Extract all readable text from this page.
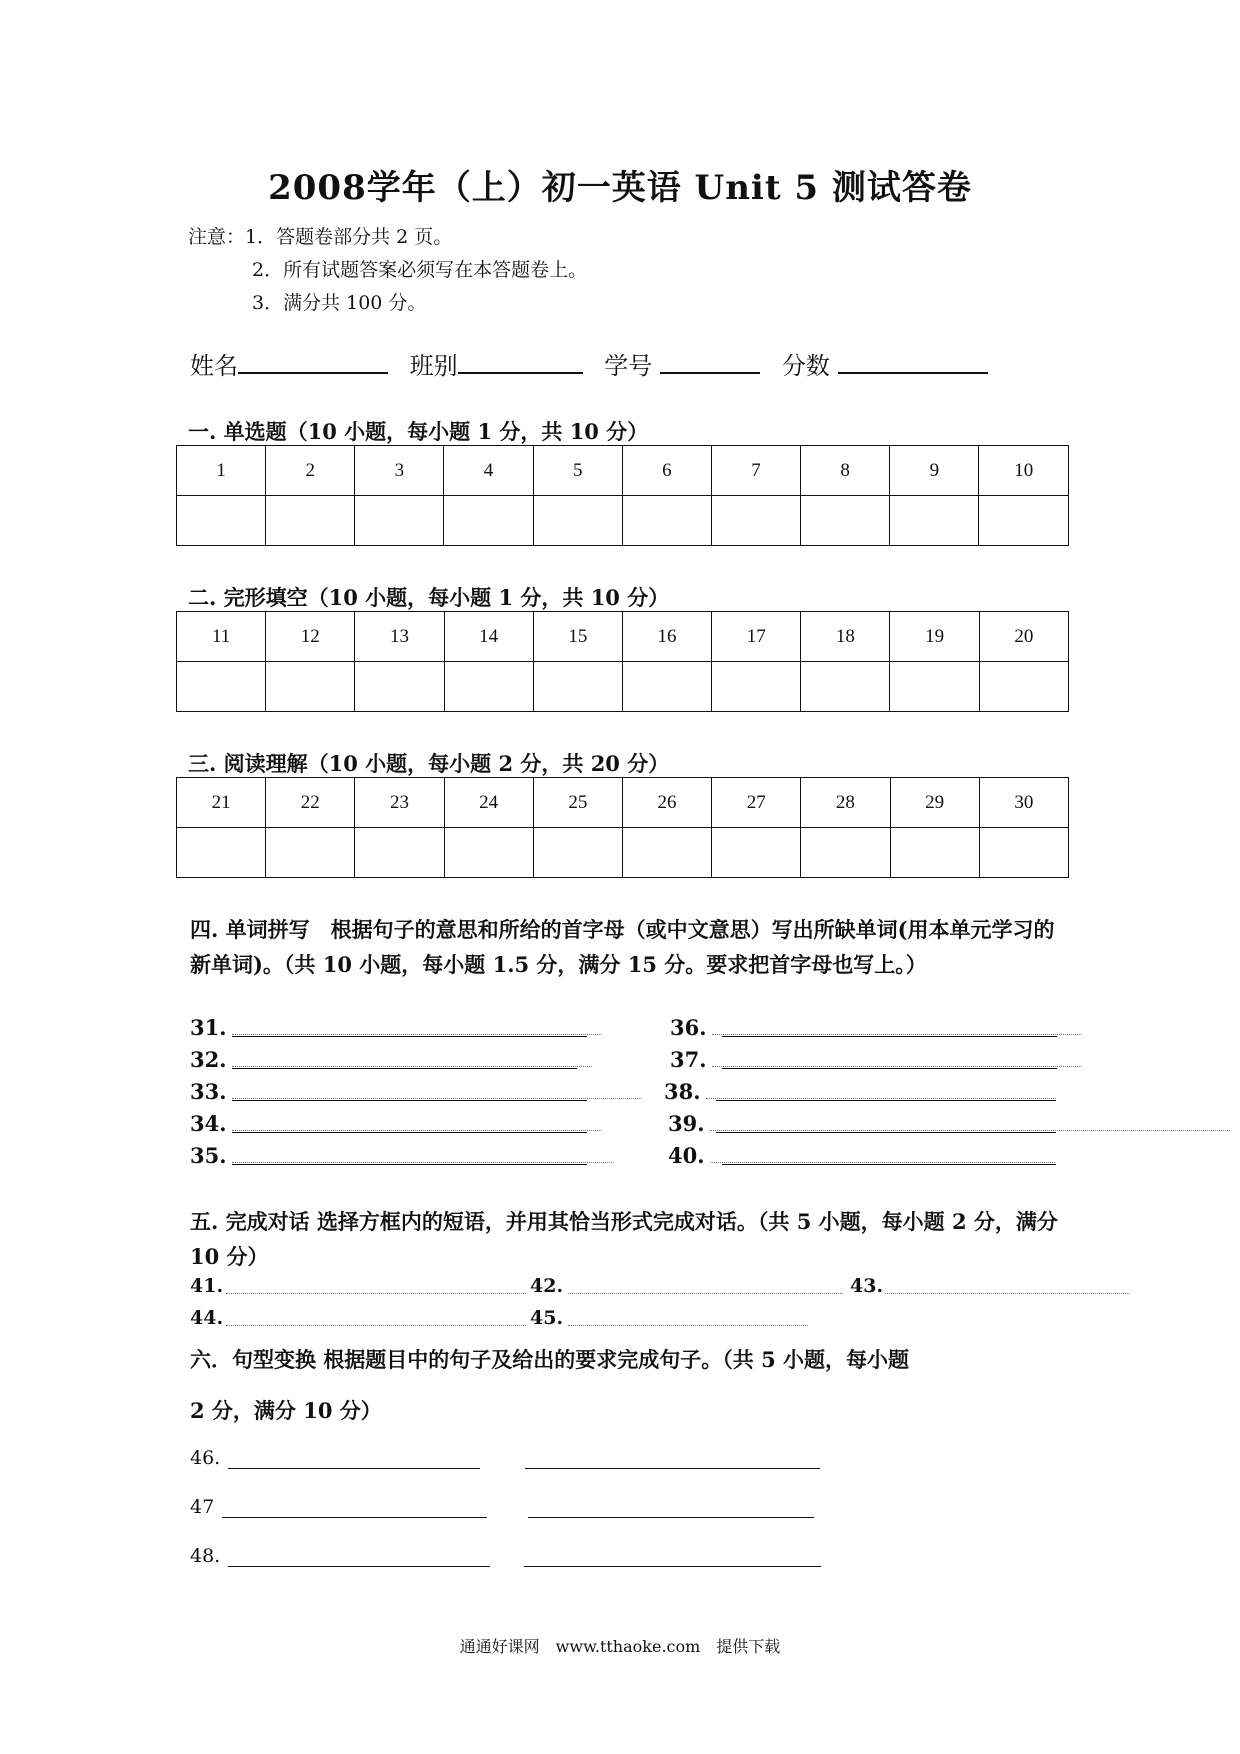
2008学年（上）初一英语 Unit 5 测试答卷
注意：1．答题卷部分共 2 页。
2．所有试题答案必须写在本答题卷上。
3．满分共 100 分。
姓名	班别	学号	分数
一. 单选题（10 小题，每小题 1 分，共 10 分）
1	2	3	4	5	6	7	8	9	10

二. 完形填空（10 小题，每小题 1 分，共 10 分）
11	12	13	14	15	16	17	18	19	20

三. 阅读理解（10 小题，每小题 2 分，共 20 分）
21	22	23	24	25	26	27	28	29	30

四. 单词拼写　根据句子的意思和所给的首字母（或中文意思）写出所缺单词(用本单元学习的新单词)。（共 10 小题，每小题 1.5 分，满分 15 分。要求把首字母也写上。）
31.	36.
32.	37.
33.	38.
34.	39.
35.	40.
五. 完成对话 选择方框内的短语，并用其恰当形式完成对话。（共 5 小题，每小题 2 分，满分 10 分）
41.	42.	43.
44.	45.
六．句型变换 根据题目中的句子及给出的要求完成句子。（共 5 小题，每小题
2 分，满分 10 分）
46.
47
48.
通通好课网　www.tthaoke.com　提供下载
